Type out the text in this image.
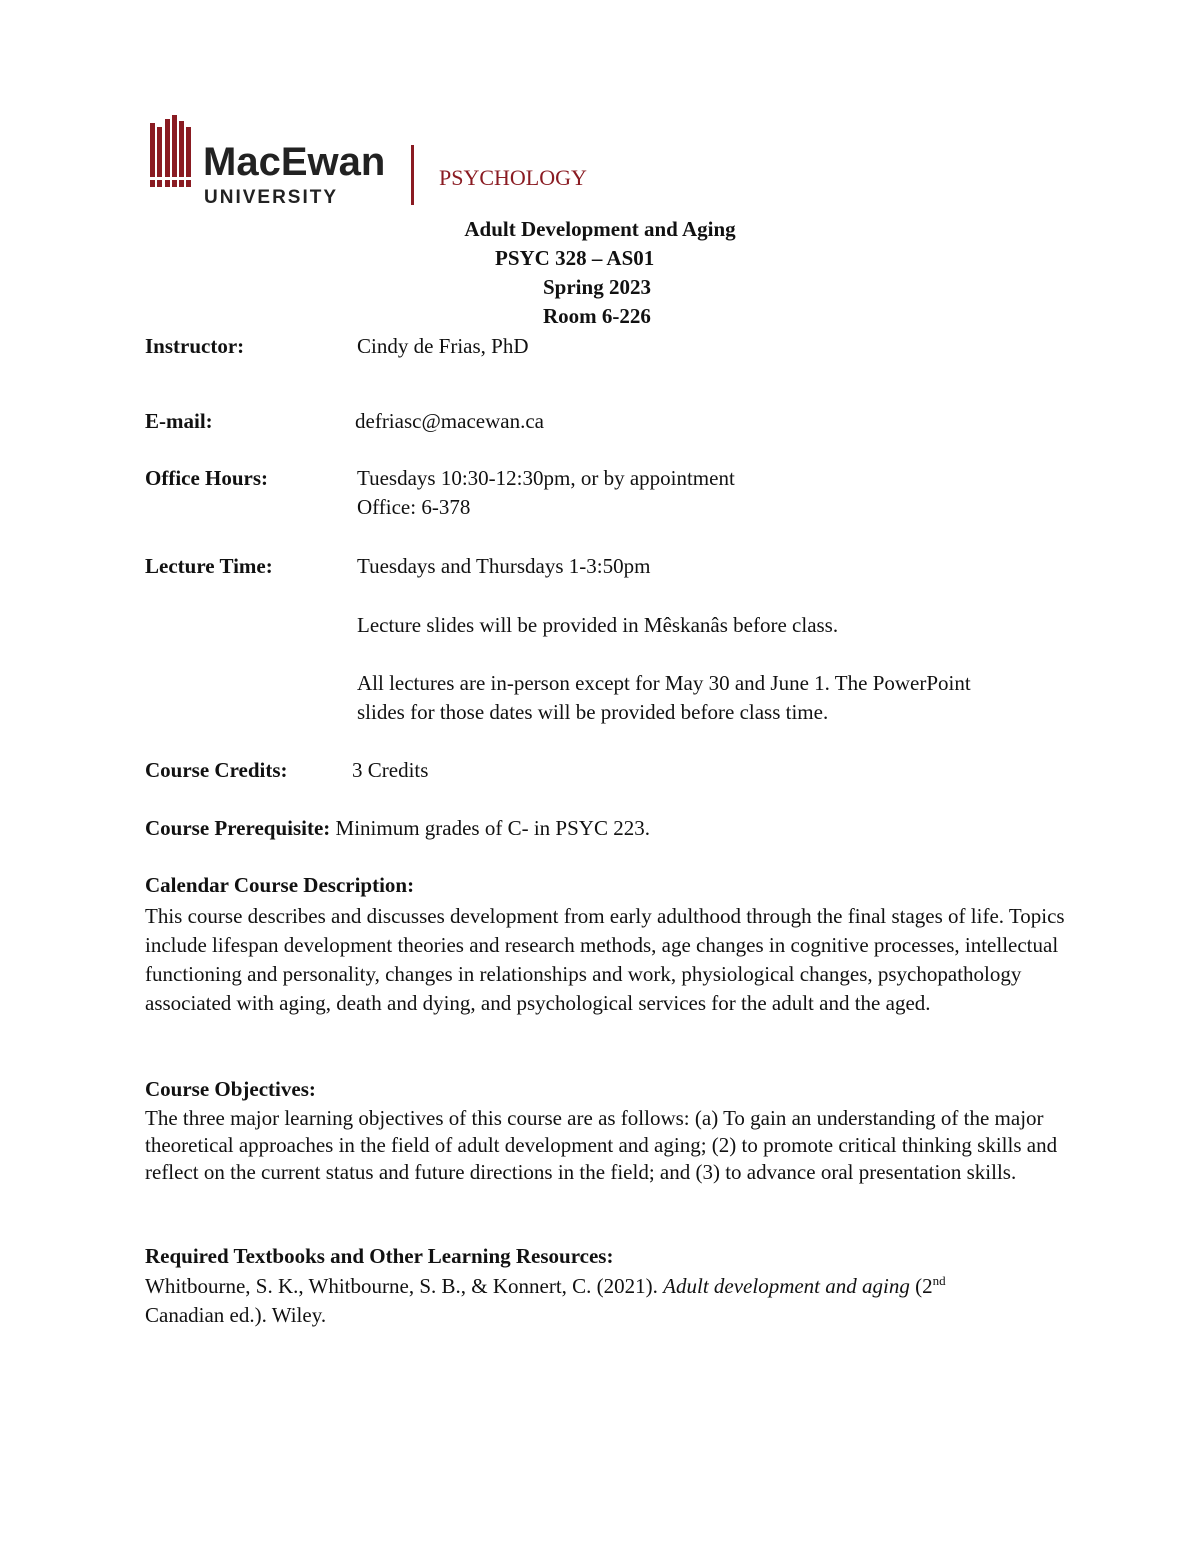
MacEwan
UNIVERSITY
PSYCHOLOGY
Adult Development and Aging
PSYC 328 – AS01
Spring 2023
Room 6-226
Instructor:	Cindy de Frias, PhD
E-mail:	defriasc@macewan.ca
Office Hours:	Tuesdays 10:30-12:30pm, or by appointment
Office: 6-378
Lecture Time:	Tuesdays and Thursdays 1-3:50pm
Lecture slides will be provided in Mêskanâs before class.
All lectures are in-person except for May 30 and June 1. The PowerPoint
slides for those dates will be provided before class time.
Course Credits:	3 Credits
Course Prerequisite: Minimum grades of C- in PSYC 223.
Calendar Course Description:
This course describes and discusses development from early adulthood through the final stages of life. Topics include lifespan development theories and research methods, age changes in cognitive processes, intellectual functioning and personality, changes in relationships and work, physiological changes, psychopathology associated with aging, death and dying, and psychological services for the adult and the aged.
Course Objectives:
The three major learning objectives of this course are as follows: (a) To gain an understanding of the major theoretical approaches in the field of adult development and aging; (2) to promote critical thinking skills and reflect on the current status and future directions in the field; and (3) to advance oral presentation skills.
Required Textbooks and Other Learning Resources:
Whitbourne, S. K., Whitbourne, S. B., & Konnert, C. (2021). Adult development and aging (2nd
Canadian ed.). Wiley.
